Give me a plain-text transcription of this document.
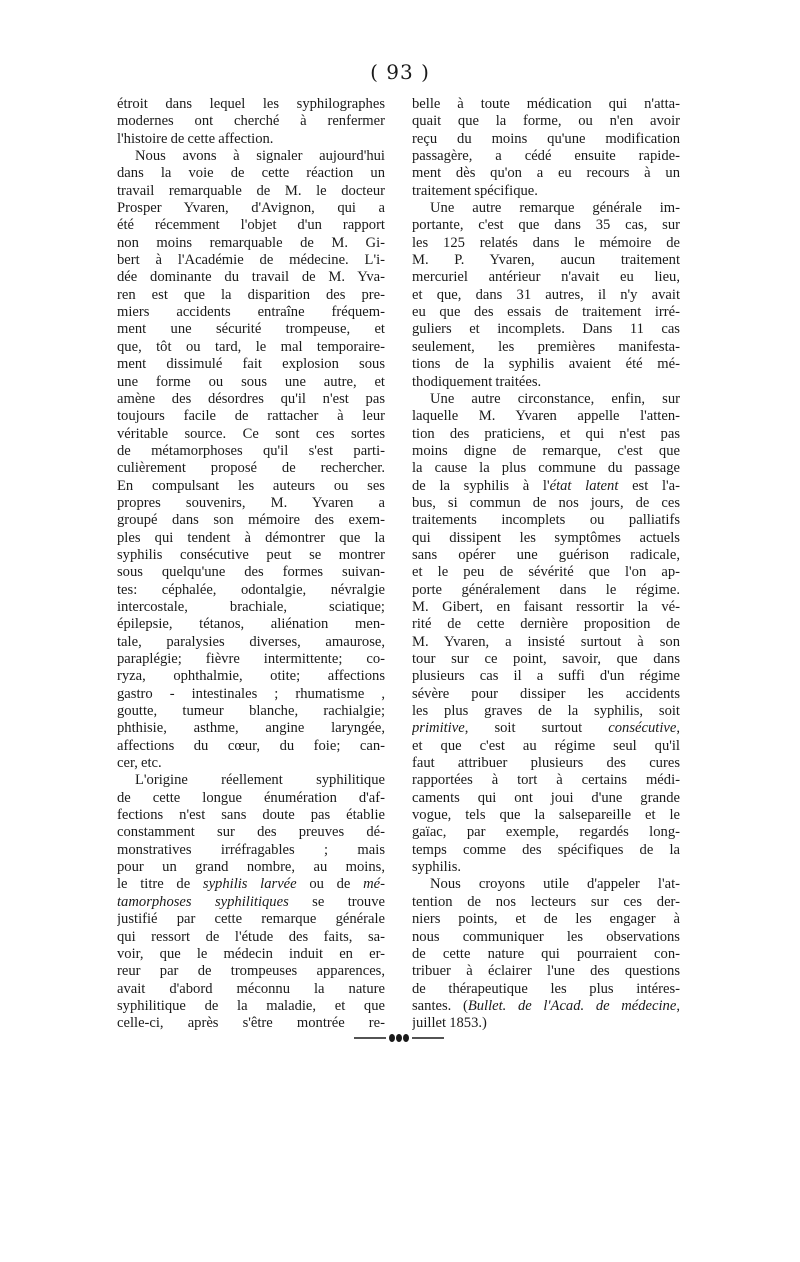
( 93 )
étroit dans lequel les syphilographes
modernes ont cherché à renfermer
l'histoire de cette affection.
Nous avons à signaler aujourd'hui
dans la voie de cette réaction un
travail remarquable de M. le docteur
Prosper Yvaren, d'Avignon, qui a
été récemment l'objet d'un rapport
non moins remarquable de M. Gi-
bert à l'Académie de médecine. L'i-
dée dominante du travail de M. Yva-
ren est que la disparition des pre-
miers accidents entraîne fréquem-
ment une sécurité trompeuse, et
que, tôt ou tard, le mal temporaire-
ment dissimulé fait explosion sous
une forme ou sous une autre, et
amène des désordres qu'il n'est pas
toujours facile de rattacher à leur
véritable source. Ce sont ces sortes
de métamorphoses qu'il s'est parti-
culièrement proposé de rechercher.
En compulsant les auteurs ou ses
propres souvenirs, M. Yvaren a
groupé dans son mémoire des exem-
ples qui tendent à démontrer que la
syphilis consécutive peut se montrer
sous quelqu'une des formes suivan-
tes: céphalée, odontalgie, névralgie
intercostale, brachiale, sciatique;
épilepsie, tétanos, aliénation men-
tale, paralysies diverses, amaurose,
paraplégie; fièvre intermittente; co-
ryza, ophthalmie, otite; affections
gastro - intestinales ; rhumatisme ,
goutte, tumeur blanche, rachialgie;
phthisie, asthme, angine laryngée,
affections du cœur, du foie; can-
cer, etc.
L'origine réellement syphilitique
de cette longue énumération d'af-
fections n'est sans doute pas établie
constamment sur des preuves dé-
monstratives irréfragables ; mais
pour un grand nombre, au moins,
le titre de syphilis larvée ou de mé-
tamorphoses syphilitiques se trouve
justifié par cette remarque générale
qui ressort de l'étude des faits, sa-
voir, que le médecin induit en er-
reur par de trompeuses apparences,
avait d'abord méconnu la nature
syphilitique de la maladie, et que
celle-ci, après s'être montrée re-
belle à toute médication qui n'atta-
quait que la forme, ou n'en avoir
reçu du moins qu'une modification
passagère, a cédé ensuite rapide-
ment dès qu'on a eu recours à un
traitement spécifique.
Une autre remarque générale im-
portante, c'est que dans 35 cas, sur
les 125 relatés dans le mémoire de
M. P. Yvaren, aucun traitement
mercuriel antérieur n'avait eu lieu,
et que, dans 31 autres, il n'y avait
eu que des essais de traitement irré-
guliers et incomplets. Dans 11 cas
seulement, les premières manifesta-
tions de la syphilis avaient été mé-
thodiquement traitées.
Une autre circonstance, enfin, sur
laquelle M. Yvaren appelle l'atten-
tion des praticiens, et qui n'est pas
moins digne de remarque, c'est que
la cause la plus commune du passage
de la syphilis à l'état latent est l'a-
bus, si commun de nos jours, de ces
traitements incomplets ou palliatifs
qui dissipent les symptômes actuels
sans opérer une guérison radicale,
et le peu de sévérité que l'on ap-
porte généralement dans le régime.
M. Gibert, en faisant ressortir la vé-
rité de cette dernière proposition de
M. Yvaren, a insisté surtout à son
tour sur ce point, savoir, que dans
plusieurs cas il a suffi d'un régime
sévère pour dissiper les accidents
les plus graves de la syphilis, soit
primitive, soit surtout consécutive,
et que c'est au régime seul qu'il
faut attribuer plusieurs des cures
rapportées à tort à certains médi-
caments qui ont joui d'une grande
vogue, tels que la salsepareille et le
gaïac, par exemple, regardés long-
temps comme des spécifiques de la
syphilis.
Nous croyons utile d'appeler l'at-
tention de nos lecteurs sur ces der-
niers points, et de les engager à
nous communiquer les observations
de cette nature qui pourraient con-
tribuer à éclairer l'une des questions
de thérapeutique les plus intéres-
santes. (Bullet. de l'Acad. de médecine,
juillet 1853.)
